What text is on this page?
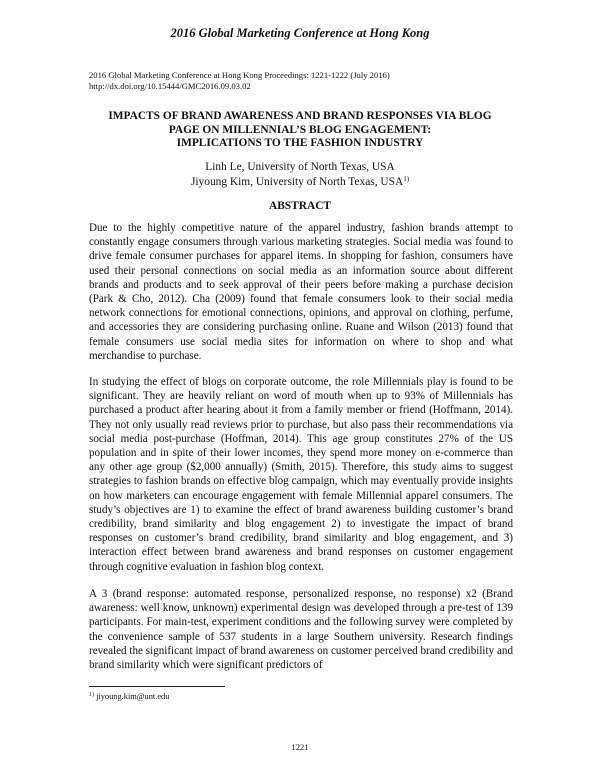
2016 Global Marketing Conference at Hong Kong
2016 Global Marketing Conference at Hong Kong Proceedings: 1221-1222 (July 2016)
http://dx.doi.org/10.15444/GMC2016.09.03.02
IMPACTS OF BRAND AWARENESS AND BRAND RESPONSES VIA BLOG
PAGE ON MILLENNIAL’S BLOG ENGAGEMENT:
IMPLICATIONS TO THE FASHION INDUSTRY
Linh Le, University of North Texas, USA
Jiyoung Kim, University of North Texas, USA$^{1)}$
ABSTRACT

Due to the highly competitive nature of the apparel industry, fashion brands attempt to constantly engage consumers through various marketing strategies. Social media was found to drive female consumer purchases for apparel items. In shopping for fashion, consumers have used their personal connections on social media as an information source about different brands and products and to seek approval of their peers before making a purchase decision (Park & Cho, 2012). Cha (2009) found that female consumers look to their social media network connections for emotional connections, opinions, and approval on clothing, perfume, and accessories they are considering purchasing online. Ruane and Wilson (2013) found that female consumers use social media sites for information on where to shop and what merchandise to purchase.

In studying the effect of blogs on corporate outcome, the role Millennials play is found to be significant. They are heavily reliant on word of mouth when up to 93% of Millennials has purchased a product after hearing about it from a family member or friend (Hoffmann, 2014). They not only usually read reviews prior to purchase, but also pass their recommendations via social media post-purchase (Hoffman, 2014). This age group constitutes 27% of the US population and in spite of their lower incomes, they spend more money on e-commerce than any other age group ($2,000 annually) (Smith, 2015). Therefore, this study aims to suggest strategies to fashion brands on effective blog campaign, which may eventually provide insights on how marketers can encourage engagement with female Millennial apparel consumers. The study’s objectives are 1) to examine the effect of brand awareness building customer’s brand credibility, brand similarity and blog engagement 2) to investigate the impact of brand responses on customer’s brand credibility, brand similarity and blog engagement, and 3) interaction effect between brand awareness and brand responses on customer engagement through cognitive evaluation in fashion blog context.

A 3 (brand response: automated response, personalized response, no response) x2 (Brand awareness: well know, unknown) experimental design was developed through a pre-test of 139 participants. For main-test, experiment conditions and the following survey were completed by the convenience sample of 537 students in a large Southern university. Research findings revealed the significant impact of brand awareness on customer perceived brand credibility and brand similarity which were significant predictors of

$^{1)}$ jiyoung.kim@unt.edu
1221
